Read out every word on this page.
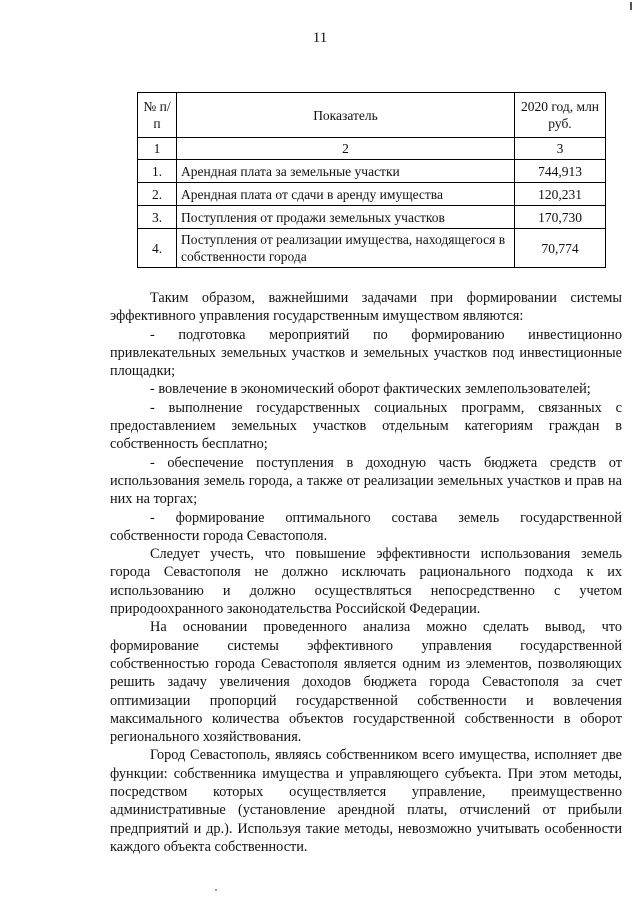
11
№ п/п	Показатель	2020 год, млн руб.
1	2	3
1.	Арендная плата за земельные участки	744,913
2.	Арендная плата от сдачи в аренду имущества	120,231
3.	Поступления от продажи земельных участков	170,730
4.	Поступления от реализации имущества, находящегося в собственности города	70,774

Таким образом, важнейшими задачами при формировании системы эффективного управления государственным имуществом являются:

- подготовка мероприятий по формированию инвестиционно привлекательных земельных участков и земельных участков под инвестиционные площадки;

- вовлечение в экономический оборот фактических землепользователей;

- выполнение государственных социальных программ, связанных с предоставлением земельных участков отдельным категориям граждан в собственность бесплатно;

- обеспечение поступления в доходную часть бюджета средств от использования земель города, а также от реализации земельных участков и прав на них на торгах;

- формирование оптимального состава земель государственной собственности города Севастополя.

Следует учесть, что повышение эффективности использования земель города Севастополя не должно исключать рационального подхода к их использованию и должно осуществляться непосредственно с учетом природоохранного законодательства Российской Федерации.

На основании проведенного анализа можно сделать вывод, что формирование системы эффективного управления государственной собственностью города Севастополя является одним из элементов, позволяющих решить задачу увеличения доходов бюджета города Севастополя за счет оптимизации пропорций государственной собственности и вовлечения максимального количества объектов государственной собственности в оборот регионального хозяйствования.

Город Севастополь, являясь собственником всего имущества, исполняет две функции: собственника имущества и управляющего субъекта. При этом методы, посредством которых осуществляется управление, преимущественно административные (установление арендной платы, отчислений от прибыли предприятий и др.). Используя такие методы, невозможно учитывать особенности каждого объекта собственности.
